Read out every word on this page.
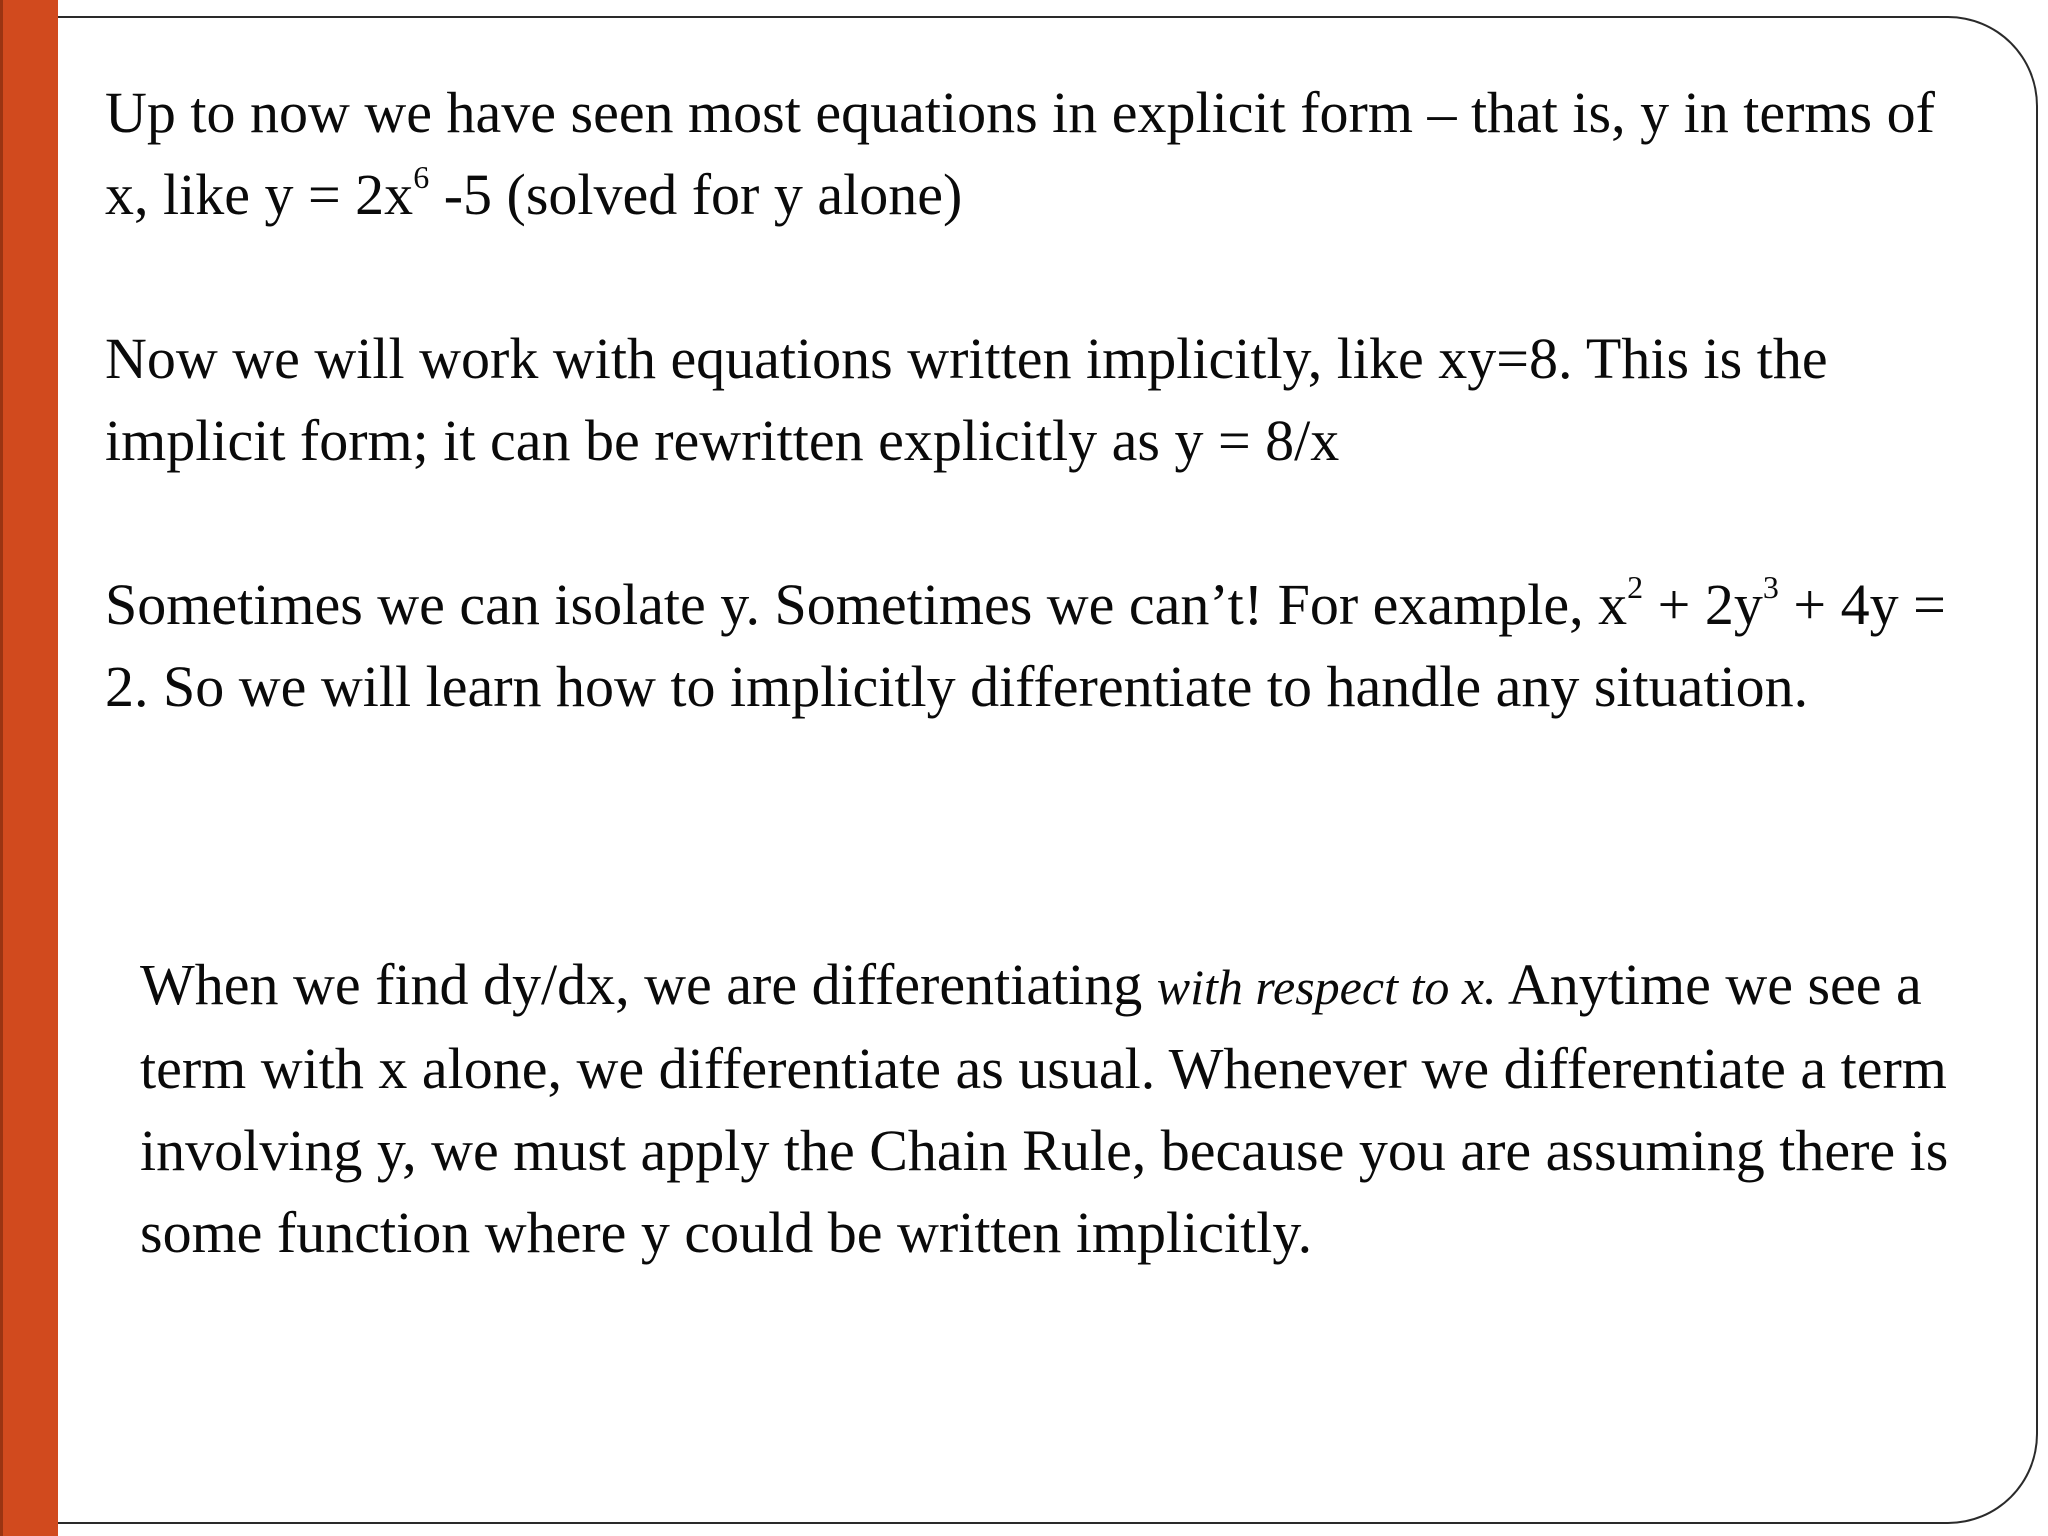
Up to now we have seen most equations in explicit form – that is, y in terms of x, like $y = 2x^6$ -5 (solved for y alone)

Now we will work with equations written implicitly, like xy=8. This is the implicit form; it can be rewritten explicitly as y = 8/x

Sometimes we can isolate y. Sometimes we can’t! For example, $x^2 + 2y^3 + 4y = 2$. So we will learn how to implicitly differentiate to handle any situation.

When we find dy/dx, we are differentiating with respect to x. Anytime we see a term with x alone, we differentiate as usual. Whenever we differentiate a term involving y, we must apply the Chain Rule, because you are assuming there is some function where y could be written implicitly.
